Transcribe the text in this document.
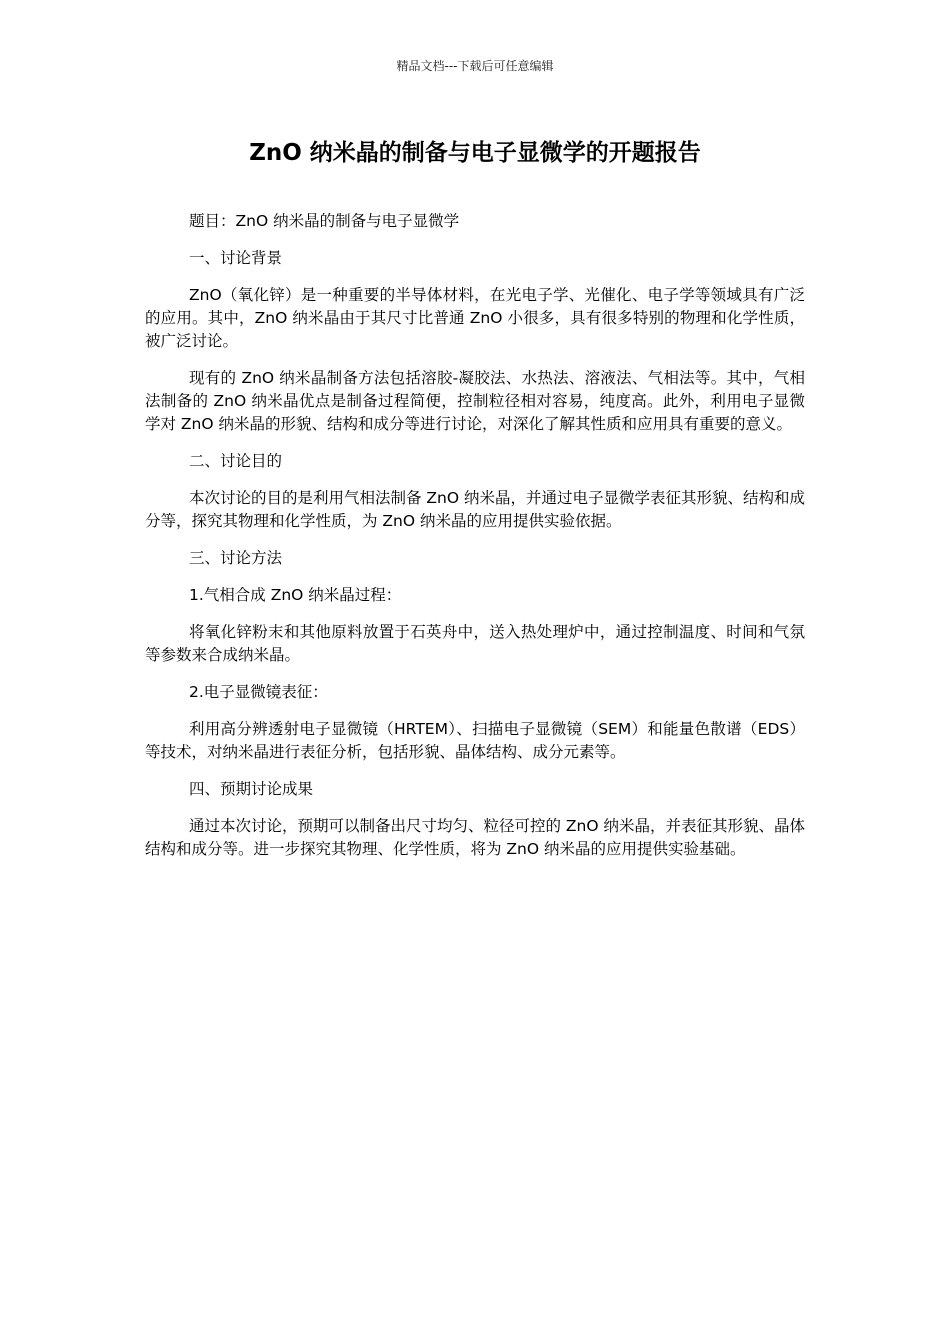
精品文档---下载后可任意编辑
ZnO 纳米晶的制备与电子显微学的开题报告

题目：ZnO 纳米晶的制备与电子显微学

一、讨论背景

ZnO（氧化锌）是一种重要的半导体材料，在光电子学、光催化、电子学等领域具有广泛的应用。其中，ZnO 纳米晶由于其尺寸比普通 ZnO 小很多，具有很多特别的物理和化学性质，被广泛讨论。

现有的 ZnO 纳米晶制备方法包括溶胶-凝胶法、水热法、溶液法、气相法等。其中，气相法制备的 ZnO 纳米晶优点是制备过程简便，控制粒径相对容易，纯度高。此外，利用电子显微学对 ZnO 纳米晶的形貌、结构和成分等进行讨论，对深化了解其性质和应用具有重要的意义。

二、讨论目的

本次讨论的目的是利用气相法制备 ZnO 纳米晶，并通过电子显微学表征其形貌、结构和成分等，探究其物理和化学性质，为 ZnO 纳米晶的应用提供实验依据。

三、讨论方法

1.气相合成 ZnO 纳米晶过程：

将氧化锌粉末和其他原料放置于石英舟中，送入热处理炉中，通过控制温度、时间和气氛等参数来合成纳米晶。

2.电子显微镜表征：

利用高分辨透射电子显微镜（HRTEM）、扫描电子显微镜（SEM）和能量色散谱（EDS）等技术，对纳米晶进行表征分析，包括形貌、晶体结构、成分元素等。

四、预期讨论成果

通过本次讨论，预期可以制备出尺寸均匀、粒径可控的 ZnO 纳米晶，并表征其形貌、晶体结构和成分等。进一步探究其物理、化学性质，将为 ZnO 纳米晶的应用提供实验基础。
